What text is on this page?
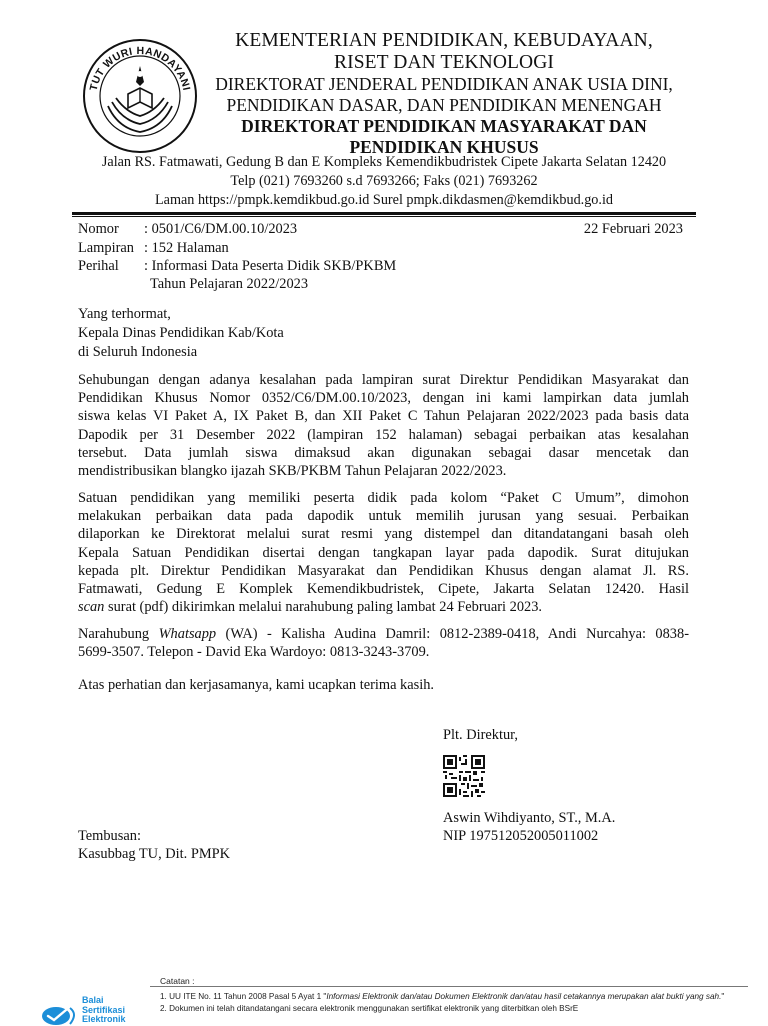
TUT WURI HANDAYANI
KEMENTERIAN PENDIDIKAN, KEBUDAYAAN,
RISET DAN TEKNOLOGI
DIREKTORAT JENDERAL PENDIDIKAN ANAK USIA DINI,
PENDIDIKAN DASAR, DAN PENDIDIKAN MENENGAH
DIREKTORAT PENDIDIKAN MASYARAKAT DAN
PENDIDIKAN KHUSUS
Jalan RS. Fatmawati, Gedung B dan E Kompleks Kemendikbudristek Cipete Jakarta Selatan 12420
Telp (021) 7693260 s.d 7693266; Faks (021) 7693262
Laman https://pmpk.kemdikbud.go.id Surel pmpk.dikdasmen@kemdikbud.go.id
Nomor : 0501/C6/DM.00.10/2023	22 Februari 2023
Lampiran : 152 Halaman
Perihal : Informasi Data Peserta Didik SKB/PKBM
Tahun Pelajaran 2022/2023
Yang terhormat,
Kepala Dinas Pendidikan Kab/Kota
di Seluruh Indonesia
Sehubungan dengan adanya kesalahan pada lampiran surat Direktur Pendidikan Masyarakat dan
Pendidikan Khusus Nomor 0352/C6/DM.00.10/2023, dengan ini kami lampirkan data jumlah
siswa kelas VI Paket A, IX Paket B, dan XII Paket C Tahun Pelajaran 2022/2023 pada basis data
Dapodik per 31 Desember 2022 (lampiran 152 halaman) sebagai perbaikan atas kesalahan
tersebut. Data jumlah siswa dimaksud akan digunakan sebagai dasar mencetak dan
mendistribusikan blangko ijazah SKB/PKBM Tahun Pelajaran 2022/2023.
Satuan pendidikan yang memiliki peserta didik pada kolom “Paket C Umum”, dimohon
melakukan perbaikan data pada dapodik untuk memilih jurusan yang sesuai. Perbaikan
dilaporkan ke Direktorat melalui surat resmi yang distempel dan ditandatangani basah oleh
Kepala Satuan Pendidikan disertai dengan tangkapan layar pada dapodik. Surat ditujukan
kepada plt. Direktur Pendidikan Masyarakat dan Pendidikan Khusus dengan alamat Jl. RS.
Fatmawati, Gedung E Komplek Kemendikbudristek, Cipete, Jakarta Selatan 12420. Hasil
scan surat (pdf) dikirimkan melalui narahubung paling lambat 24 Februari 2023.
Narahubung Whatsapp (WA) - Kalisha Audina Damril: 0812-2389-0418, Andi Nurcahya: 0838-
5699-3507. Telepon - David Eka Wardoyo: 0813-3243-3709.
Atas perhatian dan kerjasamanya, kami ucapkan terima kasih.
Plt. Direktur,
Aswin Wihdiyanto, ST., M.A.
NIP 197512052005011002
Tembusan:
Kasubbag TU, Dit. PMPK
Balai
Sertifikasi
Elektronik
Catatan :
1. UU ITE No. 11 Tahun 2008 Pasal 5 Ayat 1 "Informasi Elektronik dan/atau Dokumen Elektronik dan/atau hasil cetakannya merupakan alat bukti yang sah."
2. Dokumen ini telah ditandatangani secara elektronik menggunakan sertifikat elektronik yang diterbitkan oleh BSrE
